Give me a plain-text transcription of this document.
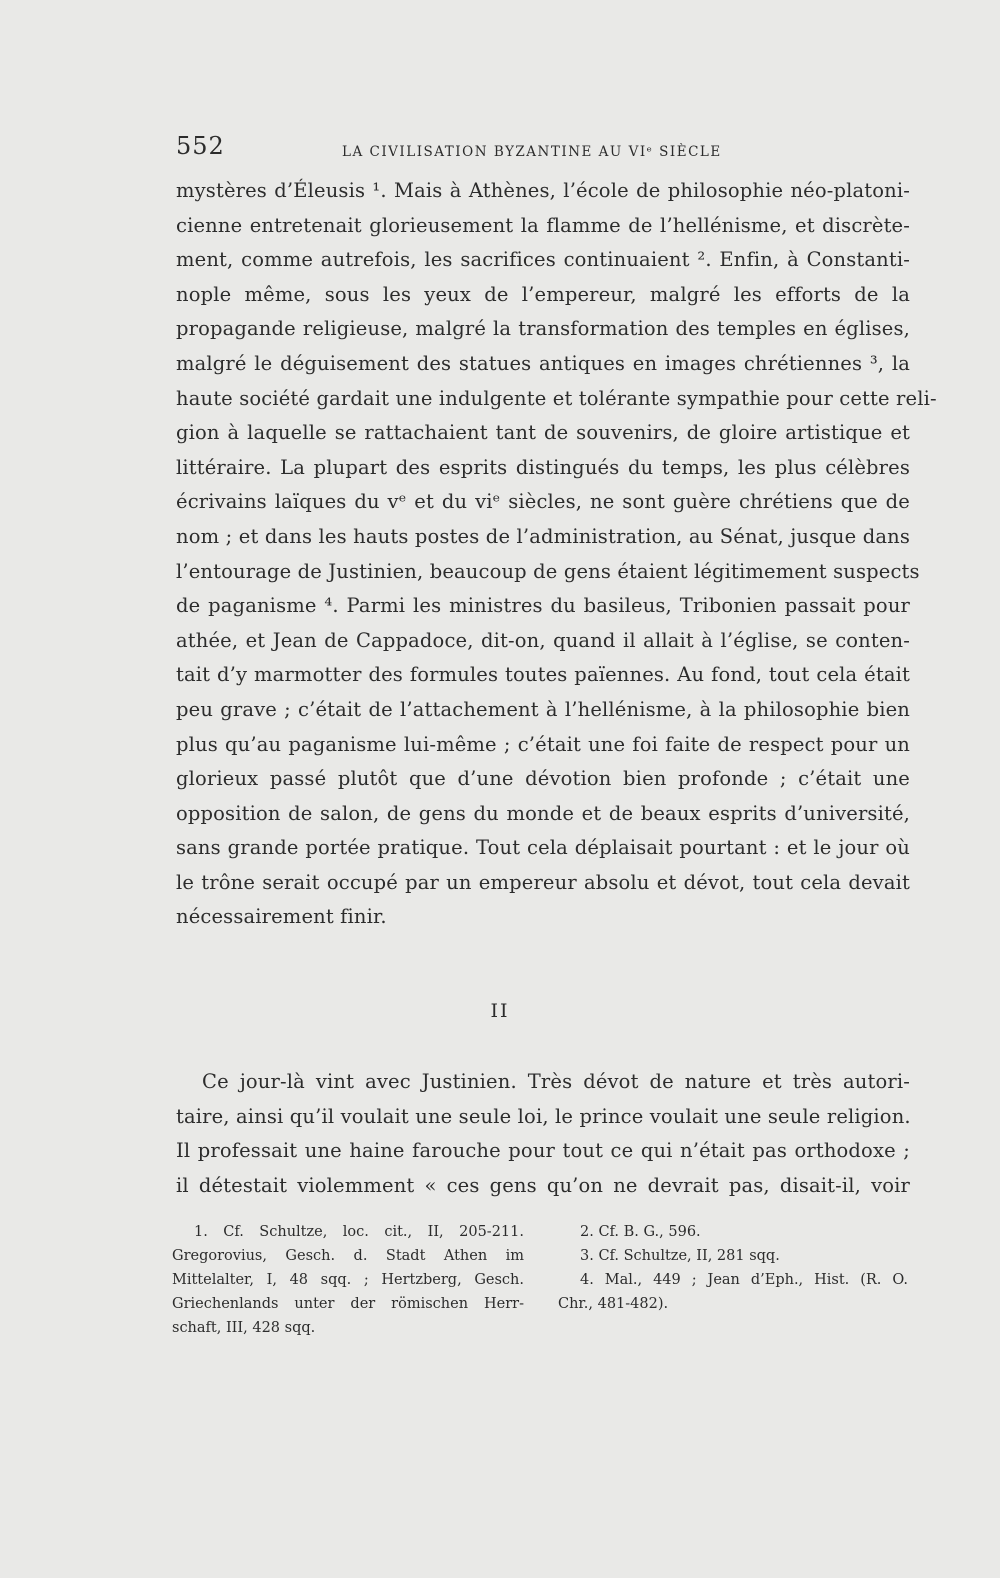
552	LA CIVILISATION BYZANTINE AU VIᵉ SIÈCLE
mystères d’Éleusis ¹. Mais à Athènes, l’école de philosophie néo-platoni-
cienne entretenait glorieusement la flamme de l’hellénisme, et discrète-
ment, comme autrefois, les sacrifices continuaient ². Enfin, à Constanti-
nople même, sous les yeux de l’empereur, malgré les efforts de la
propagande religieuse, malgré la transformation des temples en églises,
malgré le déguisement des statues antiques en images chrétiennes ³, la
haute société gardait une indulgente et tolérante sympathie pour cette reli-
gion à laquelle se rattachaient tant de souvenirs, de gloire artistique et
littéraire. La plupart des esprits distingués du temps, les plus célèbres
écrivains laïques du vᵉ et du viᵉ siècles, ne sont guère chrétiens que de
nom ; et dans les hauts postes de l’administration, au Sénat, jusque dans
l’entourage de Justinien, beaucoup de gens étaient légitimement suspects
de paganisme ⁴. Parmi les ministres du basileus, Tribonien passait pour
athée, et Jean de Cappadoce, dit-on, quand il allait à l’église, se conten-
tait d’y marmotter des formules toutes païennes. Au fond, tout cela était
peu grave ; c’était de l’attachement à l’hellénisme, à la philosophie bien
plus qu’au paganisme lui-même ; c’était une foi faite de respect pour un
glorieux passé plutôt que d’une dévotion bien profonde ; c’était une
opposition de salon, de gens du monde et de beaux esprits d’université,
sans grande portée pratique. Tout cela déplaisait pourtant : et le jour où
le trône serait occupé par un empereur absolu et dévot, tout cela devait
nécessairement finir.
II
Ce jour-là vint avec Justinien. Très dévot de nature et très autori-
taire, ainsi qu’il voulait une seule loi, le prince voulait une seule religion.
Il professait une haine farouche pour tout ce qui n’était pas orthodoxe ;
il détestait violemment « ces gens qu’on ne devrait pas, disait-il, voir
1. Cf. Schultze, loc. cit., II, 205-211.
Gregorovius, Gesch. d. Stadt Athen im
Mittelalter, I, 48 sqq. ; Hertzberg, Gesch.
Griechenlands unter der römischen Herr-
schaft, III, 428 sqq.
2. Cf. B. G., 596.
3. Cf. Schultze, II, 281 sqq.
4. Mal., 449 ; Jean d’Eph., Hist. (R. O.
Chr., 481-482).
